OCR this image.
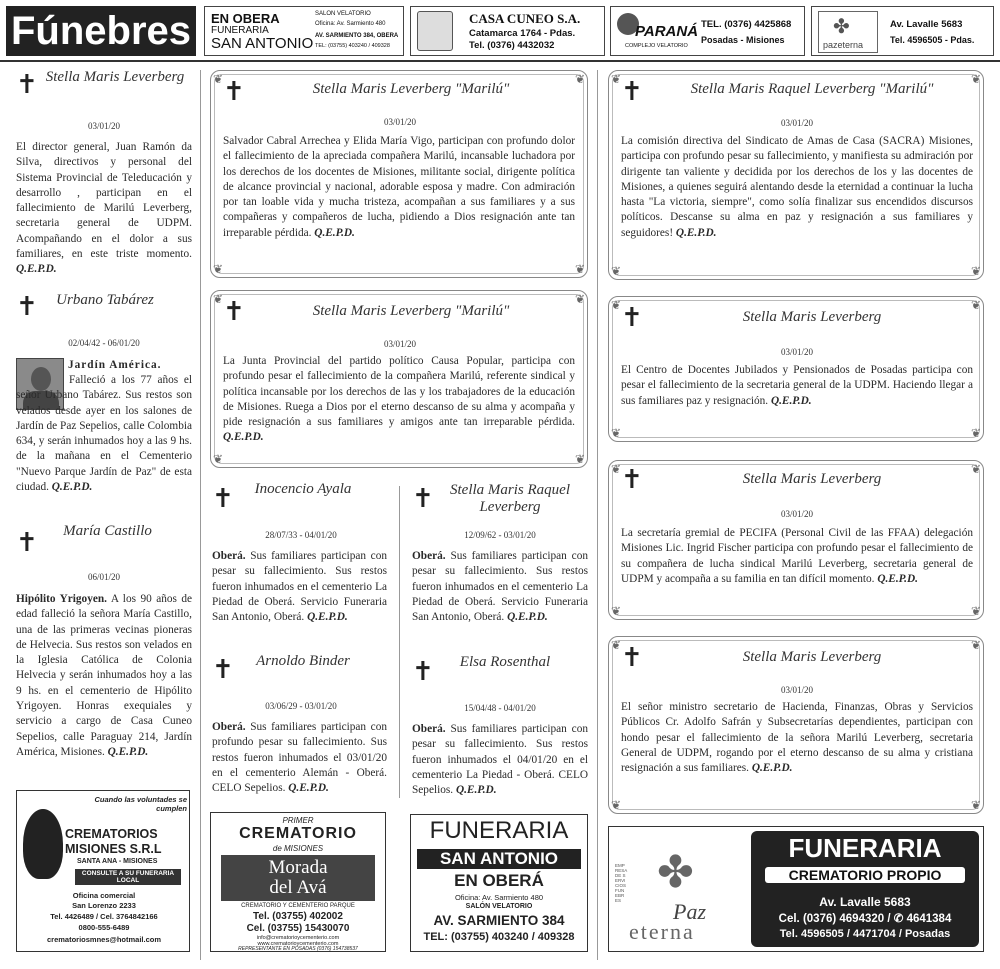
Fúnebres	EN OBERA
FUNERARIA
SAN ANTONIO
SALON VELATORIO
Oficina: Av. Sarmiento 480
AV. SARMIENTO 384, OBERA
TEL: (03755) 403240 / 409328
CASA CUNEO S.A.
Catamarca 1764 - Pdas.
Tel. (0376) 4432032
PARANÁ
COMPLEJO VELATORIO
TEL. (0376) 4425868
Posadas - Misiones
✤
pazeterna
Av. Lavalle 5683
Tel. 4596505 - Pdas.
✝ Stella Maris Leverberg
03/01/20
El director general, Juan Ramón da Silva, directivos y personal del Sistema Provincial de Teleducación y desarrollo , participan en el fallecimiento de Marilú Leverberg, secretaria general de UDPM. Acompañando en el dolor a sus familiares, en este triste momento. Q.E.P.D.
✝	Urbano Tabárez
02/04/42 - 06/01/20
Jardín América.
Falleció a los 77 años el señor Urbano Tabárez. Sus restos son velados desde ayer en los salones de Jardín de Paz Sepelios, calle Colombia 634, y serán inhumados hoy a las 9 hs. de la mañana en el Cementerio "Nuevo Parque Jardín de Paz" de esta ciudad. Q.E.P.D.
✝	María Castillo
06/01/20
Hipólito Yrigoyen. A los 90 años de edad falleció la señora María Castillo, una de las primeras vecinas pioneras de Helvecia. Sus restos son velados en la Iglesia Católica de Colonia Helvecia y serán inhumados hoy a las 9 hs. en el cementerio de Hipólito Yrigoyen. Honras exequiales y servicio a cargo de Casa Cuneo Sepelios, calle Paraguay 214, Jardín América, Misiones. Q.E.P.D.
Cuando las voluntades se cumplen
CREMATORIOS
MISIONES S.R.L
SANTA ANA - MISIONES
CONSULTE A SU FUNERARIA LOCAL
Oficina comercial
San Lorenzo 2233
Tel. 4426489 / Cel. 3764842166
0800-555-6489
crematoriosmnes@hotmail.com
❦	❦
❦	❦
✝	Stella Maris Leverberg "Marilú"
03/01/20
Salvador Cabral Arrechea y Elida María Vigo, participan con profundo dolor el fallecimiento de la apreciada compañera Marilú, incansable luchadora por los derechos de los docentes de Misiones, militante social, dirigente política de alcance provincial y nacional, adorable esposa y madre. Con admiración por tan loable vida y mucha tristeza, acompañan a sus familiares y a sus compañeras y compañeros de lucha, pidiendo a Dios resignación ante tan irreparable pérdida. Q.E.P.D.
❦	❦
❦	❦
✝	Stella Maris Leverberg "Marilú"
03/01/20
La Junta Provincial del partido político Causa Popular, participa con profundo pesar el fallecimiento de la compañera Marilú, referente sindical y política incansable por los derechos de las y los trabajadores de la educación de Misiones. Ruega a Dios por el eterno descanso de su alma y acompaña y pide resignación a sus familiares y amigos ante tan irreparable pérdida. Q.E.P.D.
✝	Inocencio Ayala
28/07/33 - 04/01/20
Oberá. Sus familiares participan con pesar su fallecimiento. Sus restos fueron inhumados en el cementerio La Piedad de Oberá. Servicio Funeraria San Antonio, Oberá. Q.E.P.D.
✝	Arnoldo Binder
03/06/29 - 03/01/20
Oberá. Sus familiares participan con profundo pesar su fallecimiento. Sus restos fueron inhumados el 03/01/20 en el cementerio Alemán - Oberá. CELO Sepelios. Q.E.P.D.
✝	Stella Maris Raquel Leverberg
12/09/62 - 03/01/20
Oberá. Sus familiares participan con pesar su fallecimiento. Sus restos fueron inhumados en el cementerio La Piedad de Oberá. Servicio Funeraria San Antonio, Oberá. Q.E.P.D.
✝	Elsa Rosenthal
15/04/48 - 04/01/20
Oberá. Sus familiares participan con pesar su fallecimiento. Sus restos fueron inhumados el 04/01/20 en el cementerio La Piedad - Oberá. CELO Sepelios. Q.E.P.D.
PRIMER
CREMATORIO
de MISIONES
Morada
del Avá
CREMATORIO Y CEMENTERIO PARQUE
Tel. (03755) 402002
Cel. (03755) 15430070
info@crematorioycementerio.com
www.crematorioycementerio.com
REPRESENTANTE EN POSADAS (0376) 154738537
FUNERARIA
SAN ANTONIO
EN OBERÁ
Oficina: Av. Sarmiento 480
SALÓN VELATORIO
AV. SARMIENTO 384
TEL: (03755) 403240 / 409328
❦	❦
❦	❦
✝	Stella Maris Raquel Leverberg "Marilú"
03/01/20
La comisión directiva del Sindicato de Amas de Casa (SACRA) Misiones, participa con profundo pesar su fallecimiento, y manifiesta su admiración por dirigente tan valiente y decidida por los derechos de los y las docentes de Misiones, a quienes seguirá alentando desde la eternidad a continuar la lucha hasta "La victoria, siempre", como solía finalizar sus encendidos discursos políticos. Descanse su alma en paz y resignación a sus familiares y seguidores! Q.E.P.D.
❦	❦
❦	❦
✝	Stella Maris Leverberg
03/01/20
El Centro de Docentes Jubilados y Pensionados de Posadas participa con pesar el fallecimiento de la secretaria general de la UDPM. Haciendo llegar a sus familiares paz y resignación. Q.E.P.D.
❦	❦
❦	❦
✝	Stella Maris Leverberg
03/01/20
La secretaría gremial de PECIFA (Personal Civil de las FFAA) delegación Misiones Lic. Ingrid Fischer participa con profundo pesar el fallecimiento de su compañera de lucha sindical Marilú Leverberg, secretaria general de UDPM y acompaña a su familia en tan difícil momento. Q.E.P.D.
❦	❦
❦	❦
✝	Stella Maris Leverberg
03/01/20
El señor ministro secretario de Hacienda, Finanzas, Obras y Servicios Públicos Cr. Adolfo Safrán y Subsecretarías dependientes, participan con hondo pesar el fallecimiento de la señora Marilú Leverberg, secretaria General de UDPM, rogando por el eterno descanso de su alma y cristiana resignación a sus familiares. Q.E.P.D.
EMPRESA DE SERVICIOS FUNEBRES
✤
Paz
eterna
FUNERARIA
CREMATORIO PROPIO
Av. Lavalle 5683
Cel. (0376) 4694320 / ✆ 4641384
Tel. 4596505 / 4471704 / Posadas
